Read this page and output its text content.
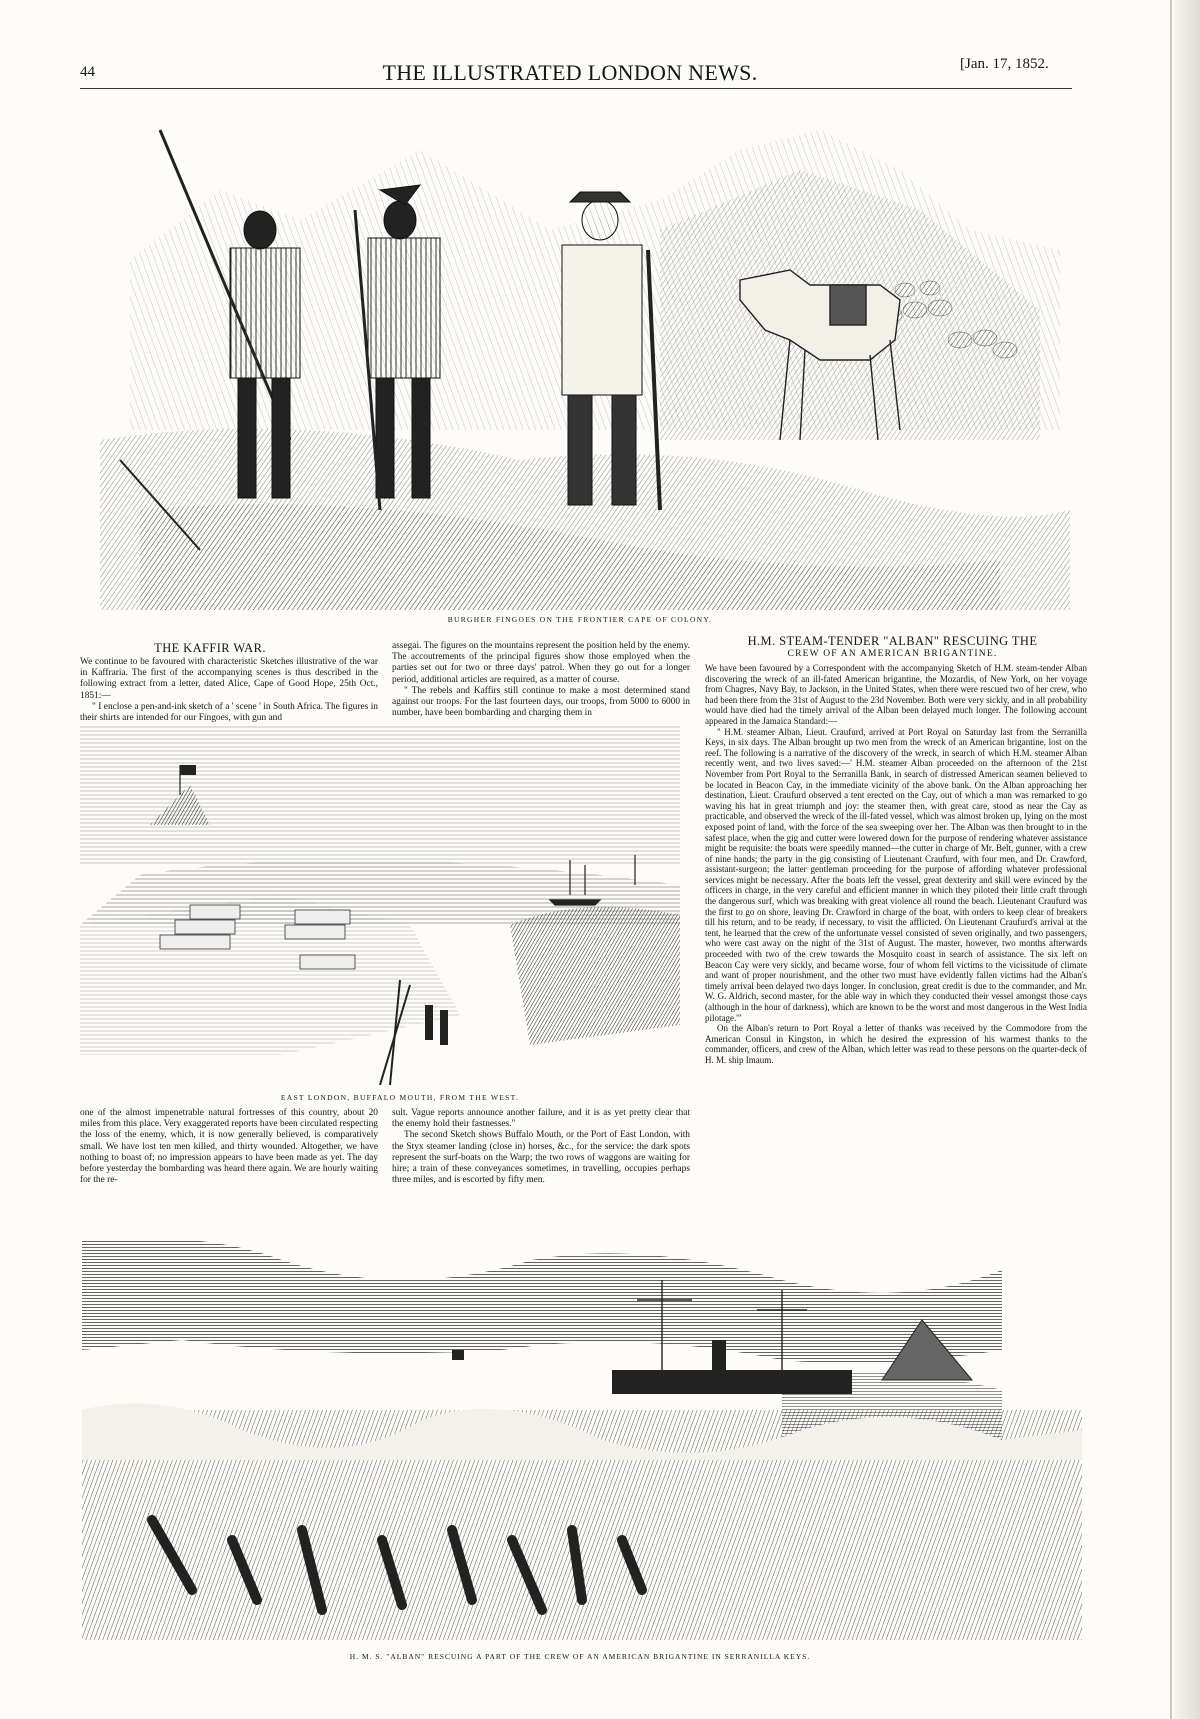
44	THE ILLUSTRATED LONDON NEWS.	[Jan. 17, 1852.
BURGHER FINGOES ON THE FRONTIER CAPE OF COLONY.
THE KAFFIR WAR.

We continue to be favoured with characteristic Sketches illustrative of the war in Kaffraria. The first of the accompanying scenes is thus described in the following extract from a letter, dated Alice, Cape of Good Hope, 25th Oct., 1851:—

" I enclose a pen-and-ink sketch of a ' scene ' in South Africa. The figures in their shirts are intended for our Fingoes, with gun and

assegai. The figures on the mountains represent the position held by the enemy. The accoutrements of the principal figures show those employed when the parties set out for two or three days' patrol. When they go out for a longer period, additional articles are required, as a matter of course.

" The rebels and Kaffirs still continue to make a most determined stand against our troops. For the last fourteen days, our troops, from 5000 to 6000 in number, have been bombarding and charging them in

EAST LONDON, BUFFALO MOUTH, FROM THE WEST.

one of the almost impenetrable natural fortresses of this country, about 20 miles from this place. Very exaggerated reports have been circulated respecting the loss of the enemy, which, it is now generally believed, is comparatively small. We have lost ten men killed, and thirty wounded. Altogether, we have nothing to boast of; no impression appears to have been made as yet. The day before yesterday the bombarding was heard there again. We are hourly waiting for the re-

sult. Vague reports announce another failure, and it is as yet pretty clear that the enemy hold their fastnesses."

The second Sketch shows Buffalo Mouth, or the Port of East London, with the Styx steamer landing (close in) horses, &c., for the service: the dark spots represent the surf-boats on the Warp; the two rows of waggons are waiting for hire; a train of these conveyances sometimes, in travelling, occupies perhaps three miles, and is escorted by fifty men.

H.M. STEAM-TENDER "ALBAN" RESCUING THE
CREW OF AN AMERICAN BRIGANTINE.

We have been favoured by a Correspondent with the accompanying Sketch of H.M. steam-tender Alban discovering the wreck of an ill-fated American brigantine, the Mozardis, of New York, on her voyage from Chagres, Navy Bay, to Jackson, in the United States, when there were rescued two of her crew, who had been there from the 31st of August to the 23d November. Both were very sickly, and in all probability would have died had the timely arrival of the Alban been delayed much longer. The following account appeared in the Jamaica Standard:—

" H.M. steamer Alban, Lieut. Craufurd, arrived at Port Royal on Saturday last from the Serranilla Keys, in six days. The Alban brought up two men from the wreck of an American brigantine, lost on the reef. The following is a narrative of the discovery of the wreck, in search of which H.M. steamer Alban recently went, and two lives saved:—' H.M. steamer Alban proceeded on the afternoon of the 21st November from Port Royal to the Serranilla Bank, in search of distressed American seamen believed to be located in Beacon Cay, in the immediate vicinity of the above bank. On the Alban approaching her destination, Lieut. Craufurd observed a tent erected on the Cay, out of which a man was remarked to go waving his hat in great triumph and joy: the steamer then, with great care, stood as near the Cay as practicable, and observed the wreck of the ill-fated vessel, which was almost broken up, lying on the most exposed point of land, with the force of the sea sweeping over her. The Alban was then brought to in the safest place, when the gig and cutter were lowered down for the purpose of rendering whatever assistance might be requisite: the boats were speedily manned—the cutter in charge of Mr. Belt, gunner, with a crew of nine hands; the party in the gig consisting of Lieutenant Craufurd, with four men, and Dr. Crawford, assistant-surgeon; the latter gentleman proceeding for the purpose of affording whatever professional services might be necessary. After the boats left the vessel, great dexterity and skill were evinced by the officers in charge, in the very careful and efficient manner in which they piloted their little craft through the dangerous surf, which was breaking with great violence all round the beach. Lieutenant Craufurd was the first to go on shore, leaving Dr. Crawford in charge of the boat, with orders to keep clear of breakers till his return, and to be ready, if necessary, to visit the afflicted. On Lieutenant Craufurd's arrival at the tent, he learned that the crew of the unfortunate vessel consisted of seven originally, and two passengers, who were cast away on the night of the 31st of August. The master, however, two months afterwards proceeded with two of the crew towards the Mosquito coast in search of assistance. The six left on Beacon Cay were very sickly, and became worse, four of whom fell victims to the vicissitude of climate and want of proper nourishment, and the other two must have evidently fallen victims had the Alban's timely arrival been delayed two days longer. In conclusion, great credit is due to the commander, and Mr. W. G. Aldrich, second master, for the able way in which they conducted their vessel amongst those cays (although in the hour of darkness), which are known to be the worst and most dangerous in the West India pilotage.'"

On the Alban's return to Port Royal a letter of thanks was received by the Commodore from the American Consul in Kingston, in which he desired the expression of his warmest thanks to the commander, officers, and crew of the Alban, which letter was read to these persons on the quarter-deck of H. M. ship Imaum.

H. M. S. "ALBAN" RESCUING A PART OF THE CREW OF AN AMERICAN BRIGANTINE IN SERRANILLA KEYS.
